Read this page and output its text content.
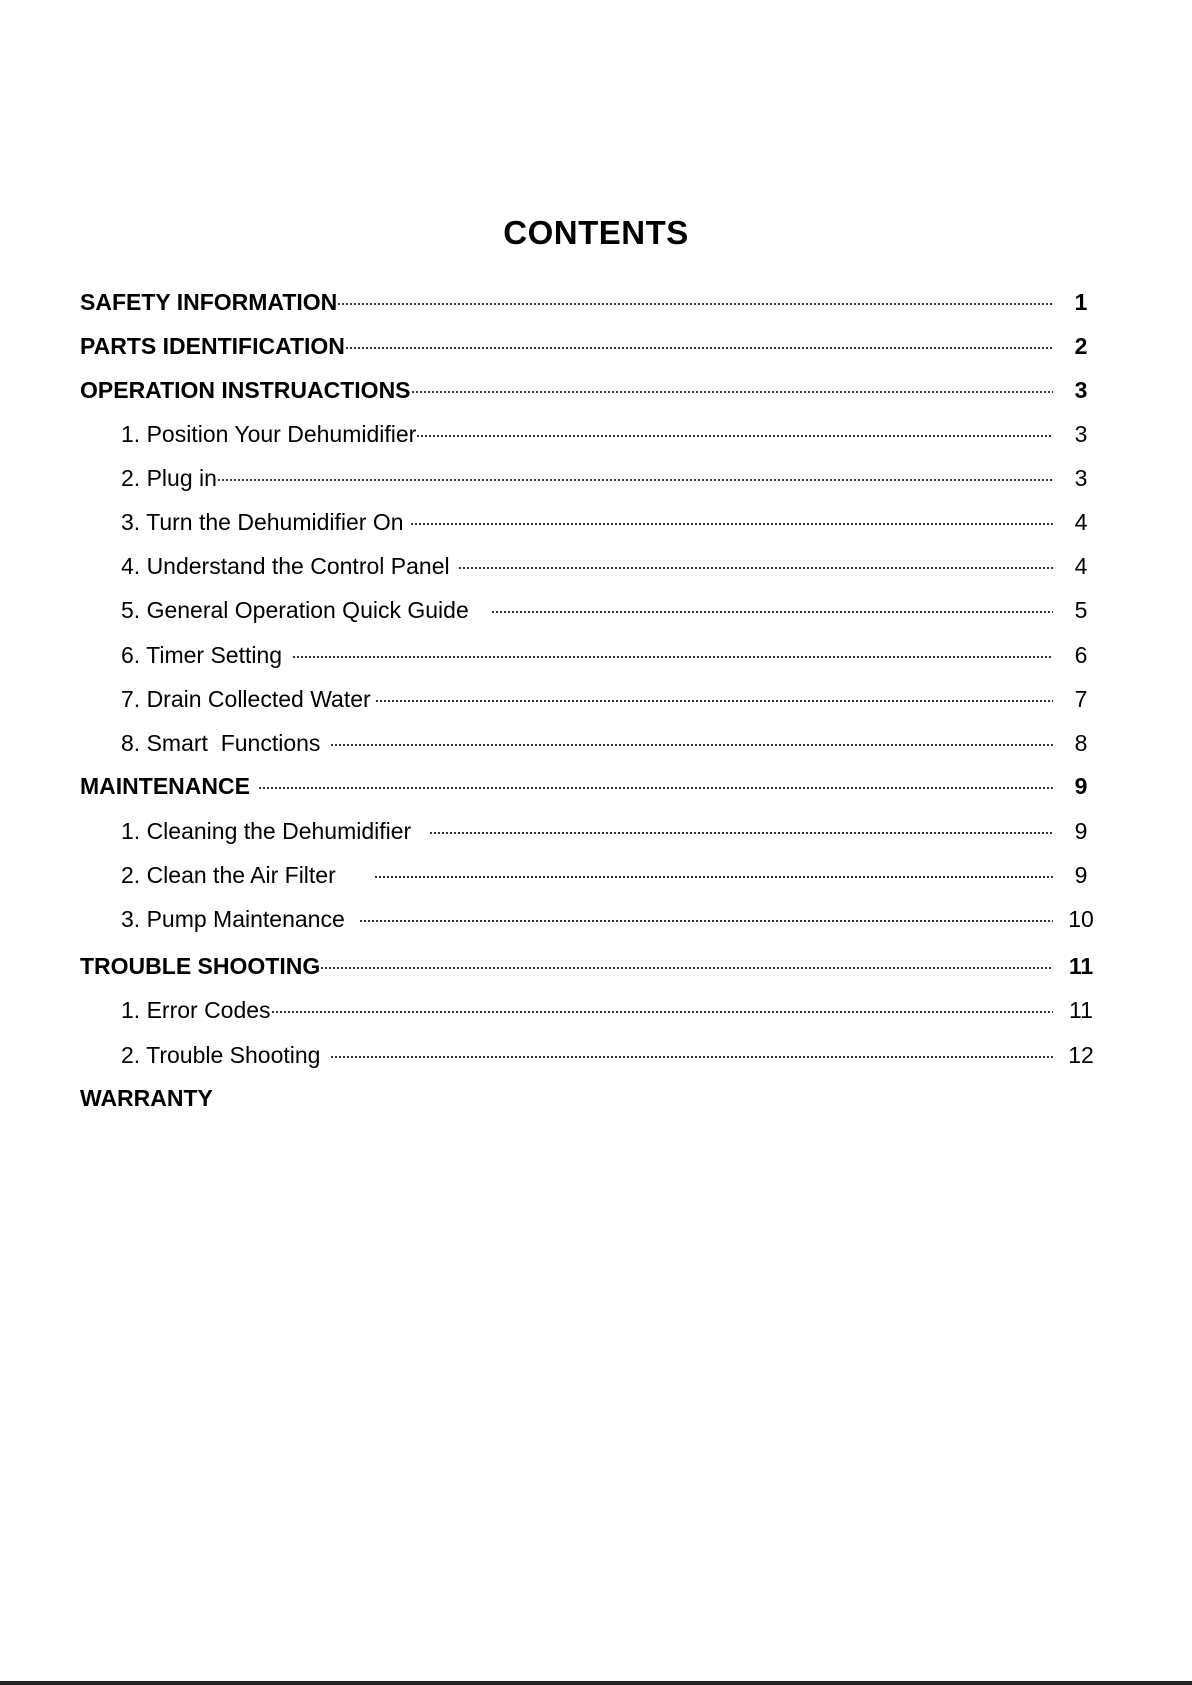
CONTENTS
SAFETY INFORMATION	1
PARTS IDENTIFICATION	2
OPERATION INSTRUACTIONS	3
1. Position Your Dehumidifier	3
2. Plug in	3
3. Turn the Dehumidifier On	4
4. Understand the Control Panel	4
5. General Operation Quick Guide	5
6. Timer Setting	6
7. Drain Collected Water	7
8. Smart  Functions	8
MAINTENANCE	9
1. Cleaning the Dehumidifier	9
2. Clean the Air Filter	9
3. Pump Maintenance	10
TROUBLE SHOOTING	11
1. Error Codes	11
2. Trouble Shooting	12
WARRANTY
